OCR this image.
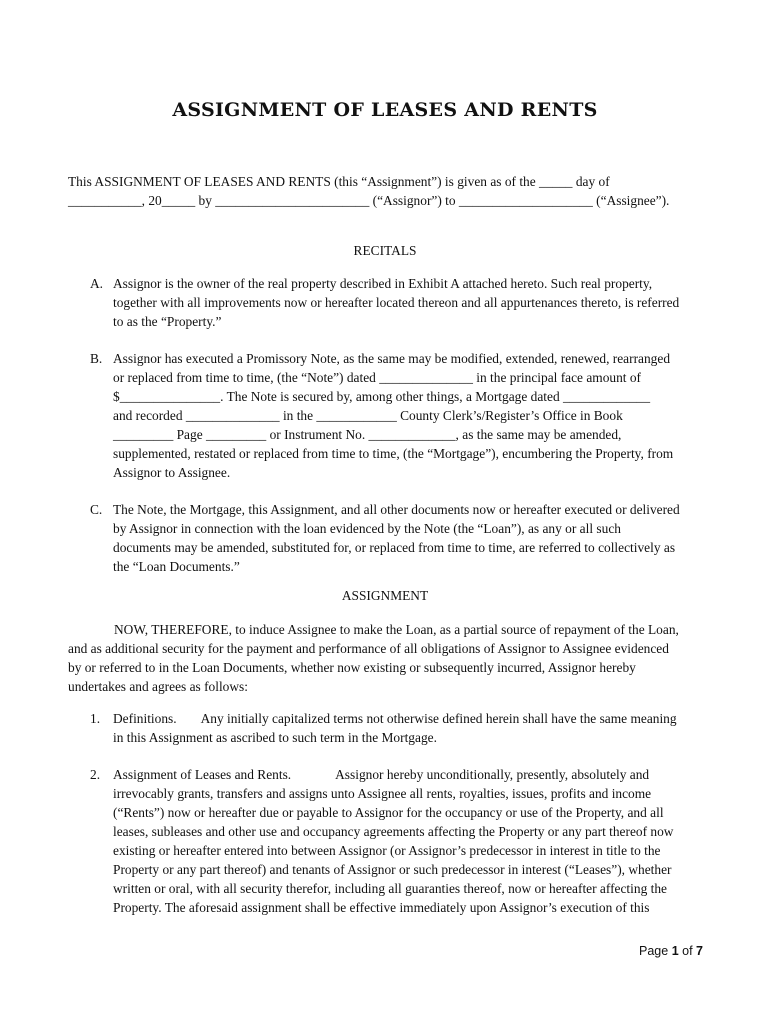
ASSIGNMENT OF LEASES AND RENTS
This ASSIGNMENT OF LEASES AND RENTS (this “Assignment”) is given as of the _____ day of
___________, 20_____ by _______________________ (“Assignor”) to ____________________ (“Assignee”).
RECITALS
A. Assignor is the owner of the real property described in Exhibit A attached hereto. Such real property,
together with all improvements now or hereafter located thereon and all appurtenances thereto, is referred
to as the “Property.”
B. Assignor has executed a Promissory Note, as the same may be modified, extended, renewed, rearranged
or replaced from time to time, (the “Note”) dated ______________ in the principal face amount of
$_______________. The Note is secured by, among other things, a Mortgage dated _____________
and recorded ______________ in the ____________ County Clerk’s/Register’s Office in Book
_________ Page _________ or Instrument No. _____________, as the same may be amended,
supplemented, restated or replaced from time to time, (the “Mortgage”), encumbering the Property, from
Assignor to Assignee.
C. The Note, the Mortgage, this Assignment, and all other documents now or hereafter executed or delivered
by Assignor in connection with the loan evidenced by the Note (the “Loan”), as any or all such
documents may be amended, substituted for, or replaced from time to time, are referred to collectively as
the “Loan Documents.”
ASSIGNMENT
NOW, THEREFORE, to induce Assignee to make the Loan, as a partial source of repayment of the Loan,
and as additional security for the payment and performance of all obligations of Assignor to Assignee evidenced
by or referred to in the Loan Documents, whether now existing or subsequently incurred, Assignor hereby
undertakes and agrees as follows:
1. Definitions. Any initially capitalized terms not otherwise defined herein shall have the same meaning
in this Assignment as ascribed to such term in the Mortgage.
2. Assignment of Leases and Rents.	Assignor hereby unconditionally, presently, absolutely and
irrevocably grants, transfers and assigns unto Assignee all rents, royalties, issues, profits and income
(“Rents”) now or hereafter due or payable to Assignor for the occupancy or use of the Property, and all
leases, subleases and other use and occupancy agreements affecting the Property or any part thereof now
existing or hereafter entered into between Assignor (or Assignor’s predecessor in interest in title to the
Property or any part thereof) and tenants of Assignor or such predecessor in interest (“Leases”), whether
written or oral, with all security therefor, including all guaranties thereof, now or hereafter affecting the
Property. The aforesaid assignment shall be effective immediately upon Assignor’s execution of this
Page 1 of 7
